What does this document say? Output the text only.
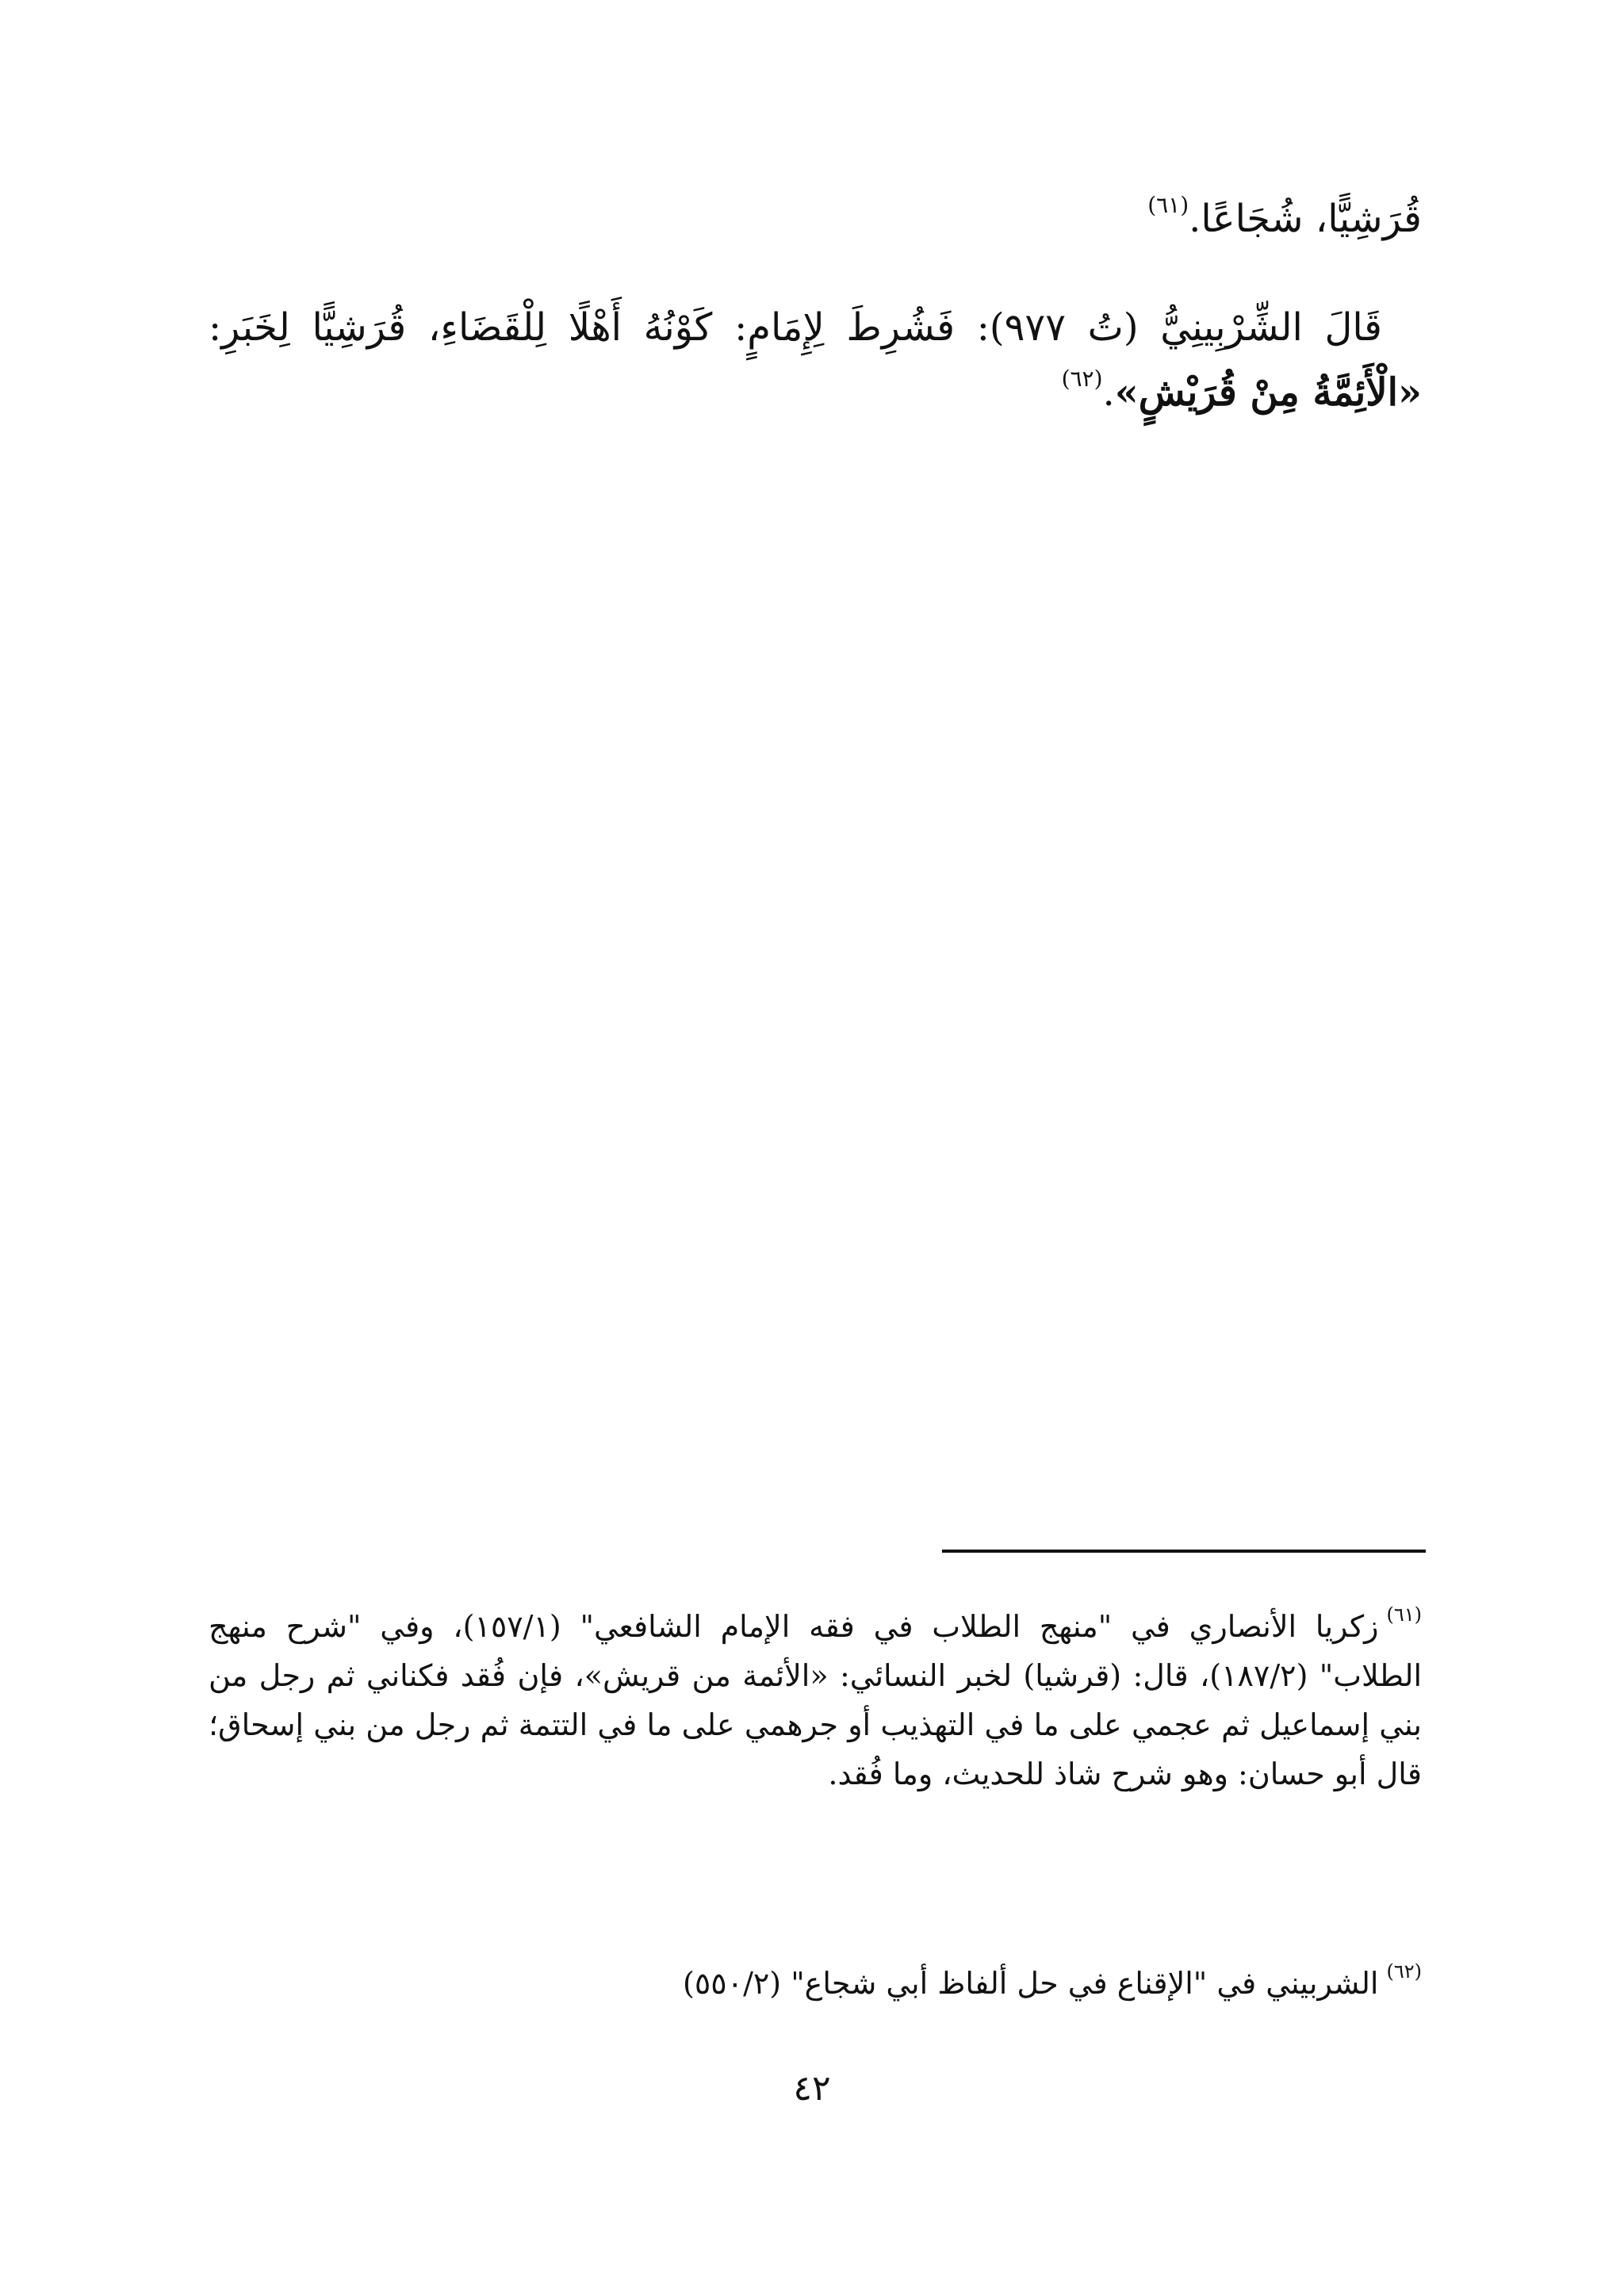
قُرَشِيًّا، شُجَاعًا.$^{(٦١)}$

قَالَ الشِّرْبِينِيُّ (تُ ٩٧٧): فَشُرِطَ لِإِمَامٍ: كَوْنُهُ أَهْلًا لِلْقَضَاءِ، قُرَشِيًّا لِخَبَرِ: «الْأَئِمَّةُ مِنْ قُرَيْشٍ».$^{(٦٢)}$

$^{(٦١)}$زكريا الأنصاري في "منهج الطلاب في فقه الإمام الشافعي" (١٥٧/١)، وفي "شرح منهج الطلاب" (١٨٧/٢)، قال: (قرشيا) لخبر النسائي: «الأئمة من قريش»، فإن فُقد فكناني ثم رجل من بني إسماعيل ثم عجمي على ما في التهذيب أو جرهمي على ما في التتمة ثم رجل من بني إسحاق؛ قال أبو حسان: وهو شرح شاذ للحديث، وما فُقد.

$^{(٦٢)}$الشربيني في "الإقناع في حل ألفاظ أبي شجاع" (٥٥٠/٢)

٤٢
